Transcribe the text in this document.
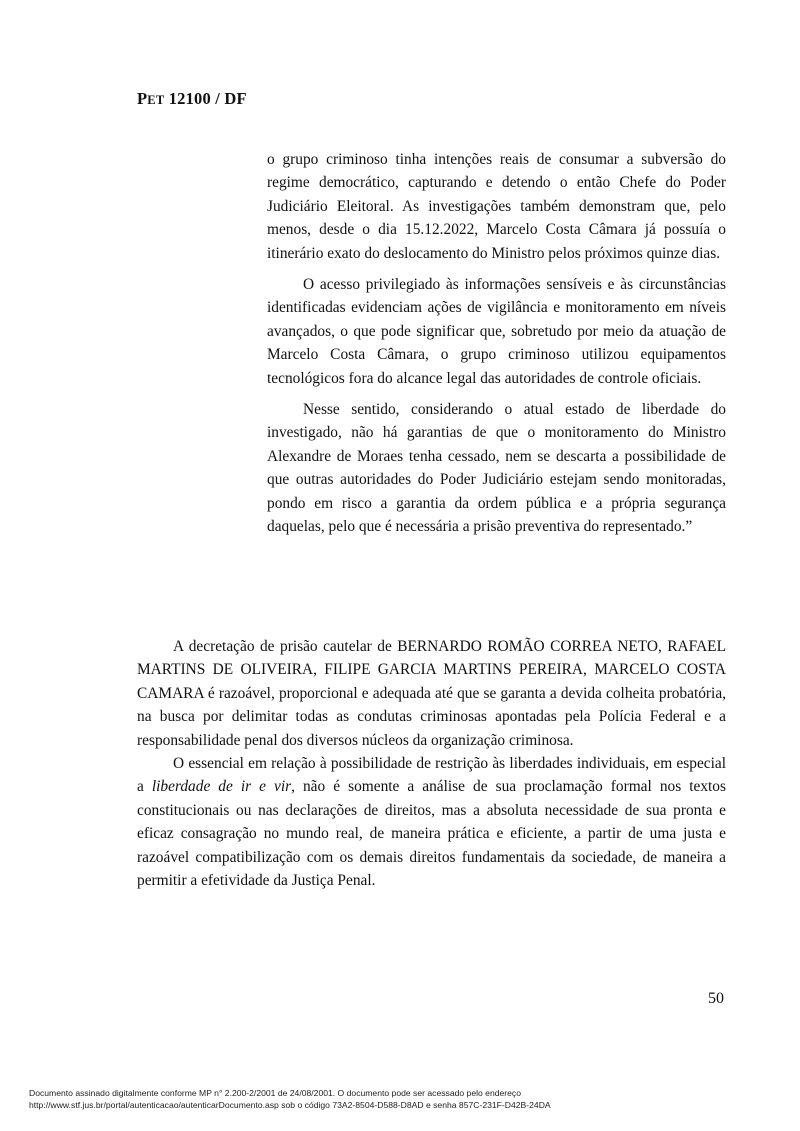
PET 12100 / DF

o grupo criminoso tinha intenções reais de consumar a subversão do regime democrático, capturando e detendo o então Chefe do Poder Judiciário Eleitoral. As investigações também demonstram que, pelo menos, desde o dia 15.12.2022, Marcelo Costa Câmara já possuía o itinerário exato do deslocamento do Ministro pelos próximos quinze dias.

O acesso privilegiado às informações sensíveis e às circunstâncias identificadas evidenciam ações de vigilância e monitoramento em níveis avançados, o que pode significar que, sobretudo por meio da atuação de Marcelo Costa Câmara, o grupo criminoso utilizou equipamentos tecnológicos fora do alcance legal das autoridades de controle oficiais.

Nesse sentido, considerando o atual estado de liberdade do investigado, não há garantias de que o monitoramento do Ministro Alexandre de Moraes tenha cessado, nem se descarta a possibilidade de que outras autoridades do Poder Judiciário estejam sendo monitoradas, pondo em risco a garantia da ordem pública e a própria segurança daquelas, pelo que é necessária a prisão preventiva do representado.”

A decretação de prisão cautelar de BERNARDO ROMÃO CORREA NETO, RAFAEL MARTINS DE OLIVEIRA, FILIPE GARCIA MARTINS PEREIRA, MARCELO COSTA CAMARA é razoável, proporcional e adequada até que se garanta a devida colheita probatória, na busca por delimitar todas as condutas criminosas apontadas pela Polícia Federal e a responsabilidade penal dos diversos núcleos da organização criminosa.

O essencial em relação à possibilidade de restrição às liberdades individuais, em especial a liberdade de ir e vir, não é somente a análise de sua proclamação formal nos textos constitucionais ou nas declarações de direitos, mas a absoluta necessidade de sua pronta e eficaz consagração no mundo real, de maneira prática e eficiente, a partir de uma justa e razoável compatibilização com os demais direitos fundamentais da sociedade, de maneira a permitir a efetividade da Justiça Penal.

50
Documento assinado digitalmente conforme MP n° 2.200-2/2001 de 24/08/2001. O documento pode ser acessado pelo endereço
http://www.stf.jus.br/portal/autenticacao/autenticarDocumento.asp sob o código 73A2-8504-D588-D8AD e senha 857C-231F-D42B-24DA
